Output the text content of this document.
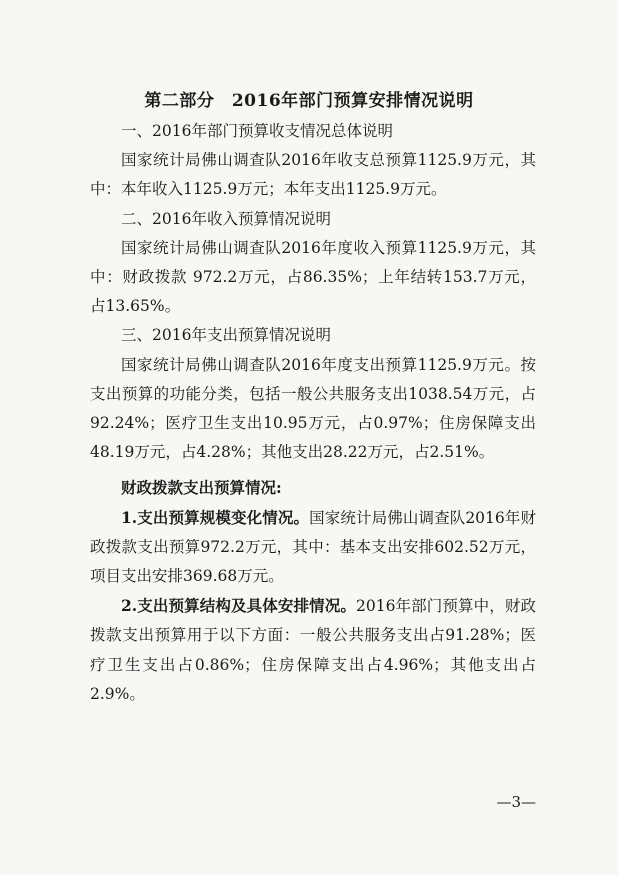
第二部分　2016年部门预算安排情况说明

一、2016年部门预算收支情况总体说明

国家统计局佛山调查队2016年收支总预算1125.9万元，其中：本年收入1125.9万元；本年支出1125.9万元。

二、2016年收入预算情况说明

国家统计局佛山调查队2016年度收入预算1125.9万元，其中：财政拨款 972.2万元，占86.35%；上年结转153.7万元，占13.65%。

三、2016年支出预算情况说明

国家统计局佛山调查队2016年度支出预算1125.9万元。按支出预算的功能分类，包括一般公共服务支出1038.54万元，占92.24%；医疗卫生支出10.95万元，占0.97%；住房保障支出48.19万元，占4.28%；其他支出28.22万元，占2.51%。

财政拨款支出预算情况:

1.支出预算规模变化情况。国家统计局佛山调查队2016年财政拨款支出预算972.2万元，其中：基本支出安排602.52万元，项目支出安排369.68万元。

2.支出预算结构及具体安排情况。2016年部门预算中，财政拨款支出预算用于以下方面：一般公共服务支出占91.28%；医疗卫生支出占0.86%；住房保障支出占4.96%；其他支出占2.9%。

—3—
